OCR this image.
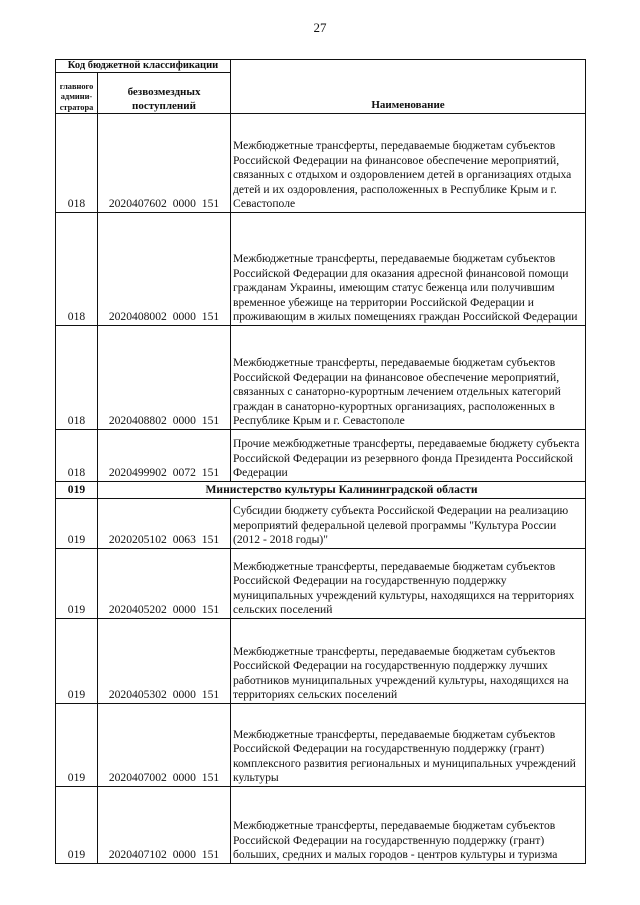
27
Код бюджетной классификации		Наименование
главного админи-стратора	безвозмездных поступлений	
018	2020407602 0000 151	Межбюджетные трансферты, передаваемые бюджетам субъектов Российской Федерации на финансовое обеспечение мероприятий, связанных с отдыхом и оздоровлением детей в организациях отдыха детей и их оздоровления, расположенных в Республике Крым и г. Севастополе
018	2020408002 0000 151	Межбюджетные трансферты, передаваемые бюджетам субъектов Российской Федерации для оказания адресной финансовой помощи гражданам Украины, имеющим статус беженца или получившим временное убежище на территории Российской Федерации и проживающим в жилых помещениях граждан Российской Федерации
018	2020408802 0000 151	Межбюджетные трансферты, передаваемые бюджетам субъектов Российской Федерации на финансовое обеспечение мероприятий, связанных с санаторно-курортным лечением отдельных категорий граждан в санаторно-курортных организациях, расположенных в Республике Крым и г. Севастополе
018	2020499902 0072 151	Прочие межбюджетные трансферты, передаваемые бюджету субъекта Российской Федерации из резервного фонда Президента Российской Федерации
019	Министерство культуры Калининградской области	
019	2020205102 0063 151	Субсидии бюджету субъекта Российской Федерации на реализацию мероприятий федеральной целевой программы "Культура России (2012 - 2018 годы)"
019	2020405202 0000 151	Межбюджетные трансферты, передаваемые бюджетам субъектов Российской Федерации на государственную поддержку муниципальных учреждений культуры, находящихся на территориях сельских поселений
019	2020405302 0000 151	Межбюджетные трансферты, передаваемые бюджетам субъектов Российской Федерации на государственную поддержку лучших работников муниципальных учреждений культуры, находящихся на территориях сельских поселений
019	2020407002 0000 151	Межбюджетные трансферты, передаваемые бюджетам субъектов Российской Федерации на государственную поддержку (грант) комплексного развития региональных и муниципальных учреждений культуры
019	2020407102 0000 151	Межбюджетные трансферты, передаваемые бюджетам субъектов Российской Федерации на государственную поддержку (грант) больших, средних и малых городов - центров культуры и туризма
